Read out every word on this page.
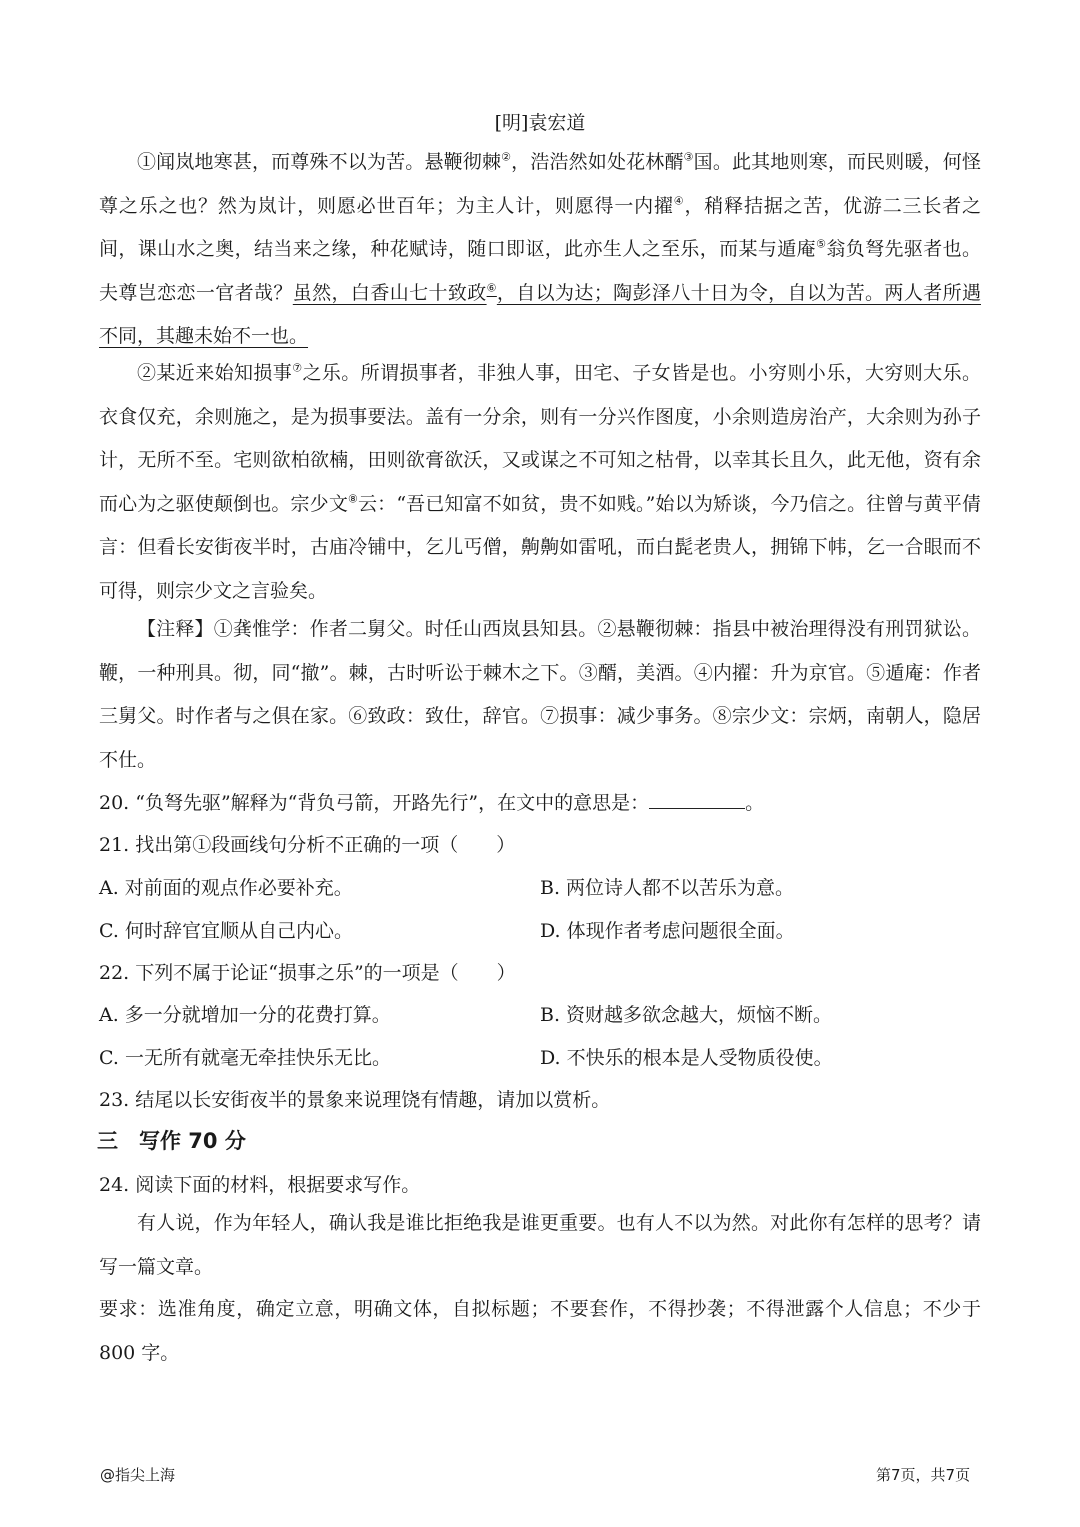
[明]袁宏道

①闻岚地寒甚，而尊殊不以为苦。悬鞭彻棘②，浩浩然如处花林醑③国。此其地则寒，而民则暖，何怪尊之乐之也？然为岚计，则愿必世百年；为主人计，则愿得一内擢④，稍释拮据之苦，优游二三长者之间，课山水之奥，结当来之缘，种花赋诗，随口即讴，此亦生人之至乐，而某与遁庵⑤翁负弩先驱者也。夫尊岂恋恋一官者哉？虽然，白香山七十致政⑥，自以为达；陶彭泽八十日为令，自以为苦。两人者所遇不同，其趣未始不一也。

②某近来始知损事⑦之乐。所谓损事者，非独人事，田宅、子女皆是也。小穷则小乐，大穷则大乐。衣食仅充，余则施之，是为损事要法。盖有一分余，则有一分兴作图度，小余则造房治产，大余则为孙子计，无所不至。宅则欲柏欲楠，田则欲膏欲沃，又或谋之不可知之枯骨，以幸其长且久，此无他，资有余而心为之驱使颠倒也。宗少文⑧云：“吾已知富不如贫，贵不如贱。”始以为矫谈，今乃信之。往曾与黄平倩言：但看长安街夜半时，古庙冷铺中，乞儿丐僧，齁齁如雷吼，而白髭老贵人，拥锦下帏，乞一合眼而不可得，则宗少文之言验矣。

【注释】①龚惟学：作者二舅父。时任山西岚县知县。②悬鞭彻棘：指县中被治理得没有刑罚狱讼。鞭，一种刑具。彻，同“撤”。棘，古时听讼于棘木之下。③醑，美酒。④内擢：升为京官。⑤遁庵：作者三舅父。时作者与之俱在家。⑥致政：致仕，辞官。⑦损事：减少事务。⑧宗少文：宗炳，南朝人，隐居不仕。

20. “负弩先驱”解释为“背负弓箭，开路先行”，在文中的意思是：	。
21. 找出第①段画线句分析不正确的一项（　　）
A. 对前面的观点作必要补充。	B. 两位诗人都不以苦乐为意。
C. 何时辞官宜顺从自己内心。	D. 体现作者考虑问题很全面。
22. 下列不属于论证“损事之乐”的一项是（　　）
A. 多一分就增加一分的花费打算。	B. 资财越多欲念越大，烦恼不断。
C. 一无所有就毫无牵挂快乐无比。	D. 不快乐的根本是人受物质役使。
23. 结尾以长安街夜半的景象来说理饶有情趣，请加以赏析。
三　写作 70 分
24. 阅读下面的材料，根据要求写作。

有人说，作为年轻人，确认我是谁比拒绝我是谁更重要。也有人不以为然。对此你有怎样的思考？请写一篇文章。

要求：选准角度，确定立意，明确文体，自拟标题；不要套作，不得抄袭；不得泄露个人信息；不少于 800 字。

@指尖上海	第7页，共7页
